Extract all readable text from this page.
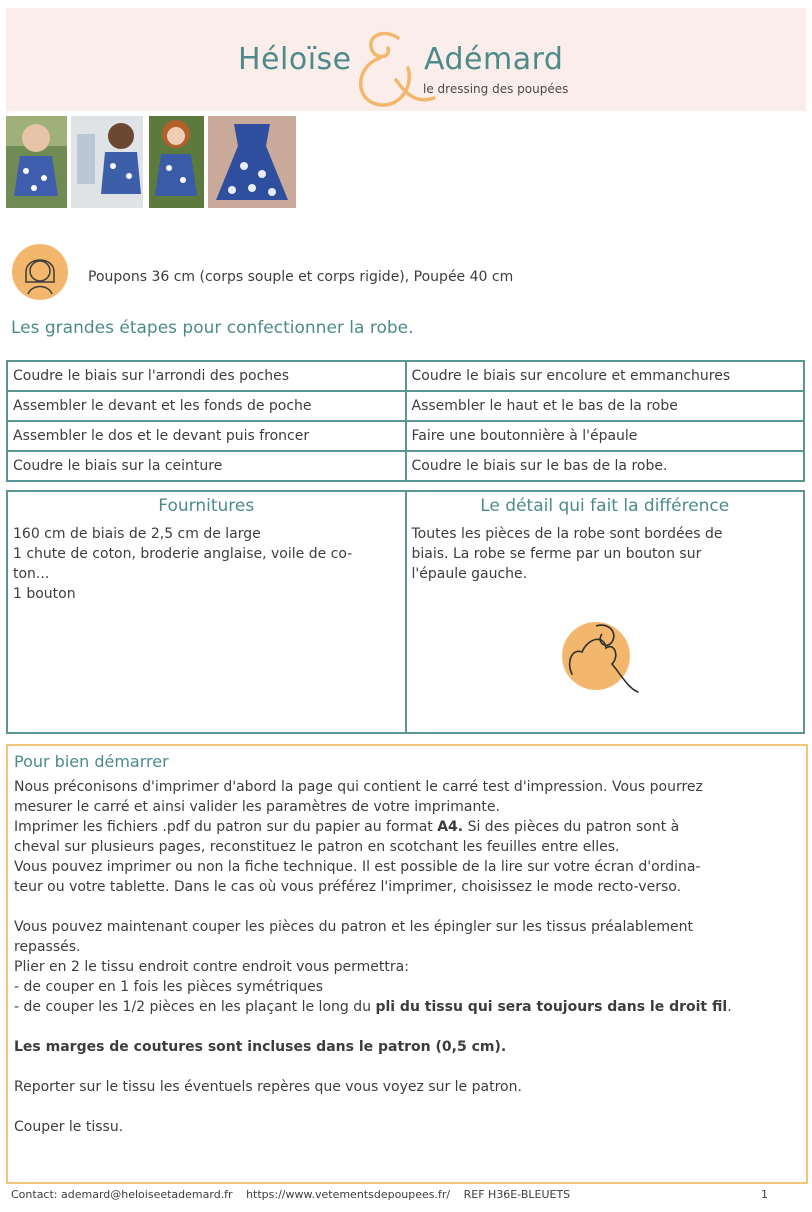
Héloïse Adémard
le dressing des poupées
Poupons 36 cm (corps souple et corps rigide), Poupée 40 cm
Les grandes étapes pour confectionner la robe.
Coudre le biais sur l'arrondi des poches	Coudre le biais sur encolure et emmanchures
Assembler le devant et les fonds de poche	Assembler le haut et le bas de la robe
Assembler le dos et le devant puis froncer	Faire une boutonnière à l'épaule
Coudre le biais sur la ceinture	Coudre le biais sur le bas de la robe.
Fournitures

160 cm de biais de 2,5 cm de large

1 chute de coton, broderie anglaise, voile de co-

ton...

1 bouton

Le détail qui fait la différence

Toutes les pièces de la robe sont bordées de

biais. La robe se ferme par un bouton sur

l'épaule gauche.

Pour bien démarrer

Nous préconisons d'imprimer d'abord la page qui contient le carré test d'impression. Vous pourrez

mesurer le carré et ainsi valider les paramètres de votre imprimante.

Imprimer les fichiers .pdf du patron sur du papier au format A4. Si des pièces du patron sont à

cheval sur plusieurs pages, reconstituez le patron en scotchant les feuilles entre elles.

Vous pouvez imprimer ou non la fiche technique. Il est possible de la lire sur votre écran d'ordina-

teur ou votre tablette. Dans le cas où vous préférez l'imprimer, choisissez le mode recto-verso.

Vous pouvez maintenant couper les pièces du patron et les épingler sur les tissus préalablement

repassés.

Plier en 2 le tissu endroit contre endroit vous permettra:

- de couper en 1 fois les pièces symétriques

- de couper les 1/2 pièces en les plaçant le long du pli du tissu qui sera toujours dans le droit fil.

Les marges de coutures sont incluses dans le patron (0,5 cm).

Reporter sur le tissu les éventuels repères que vous voyez sur le patron.

Couper le tissu.

Contact: ademard@heloiseetademard.fr https://www.vetementsdepoupees.fr/ REF H36E-BLEUETS	1
